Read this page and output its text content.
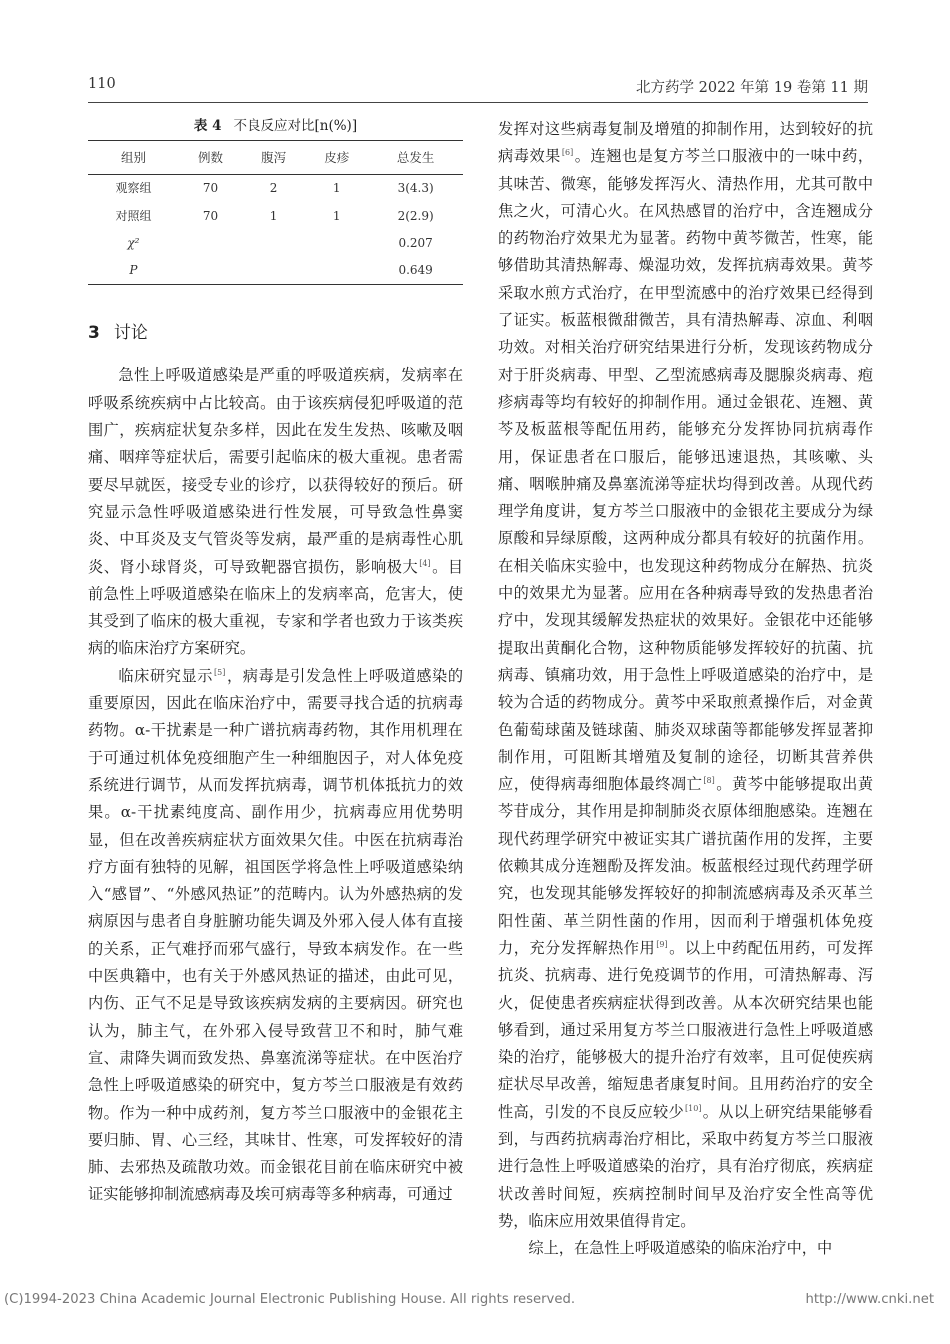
110	北方药学 2022 年第 19 卷第 11 期
表 4 不良反应对比[n(%)]
组别	例数	腹泻	皮疹	总发生
观察组	70	2	1	3(4.3)
对照组	70	1	1	2(2.9)
χ²				0.207
P				0.649
3 讨论

急性上呼吸道感染是严重的呼吸道疾病，发病率在呼吸系统疾病中占比较高。由于该疾病侵犯呼吸道的范围广，疾病症状复杂多样，因此在发生发热、咳嗽及咽痛、咽痒等症状后，需要引起临床的极大重视。患者需要尽早就医，接受专业的诊疗，以获得较好的预后。研究显示急性呼吸道感染进行性发展，可导致急性鼻窦炎、中耳炎及支气管炎等发病，最严重的是病毒性心肌炎、肾小球肾炎，可导致靶器官损伤，影响极大[4]。目前急性上呼吸道感染在临床上的发病率高，危害大，使其受到了临床的极大重视，专家和学者也致力于该类疾病的临床治疗方案研究。

临床研究显示[5]，病毒是引发急性上呼吸道感染的重要原因，因此在临床治疗中，需要寻找合适的抗病毒药物。α-干扰素是一种广谱抗病毒药物，其作用机理在于可通过机体免疫细胞产生一种细胞因子，对人体免疫系统进行调节，从而发挥抗病毒，调节机体抵抗力的效果。α-干扰素纯度高、副作用少，抗病毒应用优势明显，但在改善疾病症状方面效果欠佳。中医在抗病毒治疗方面有独特的见解，祖国医学将急性上呼吸道感染纳入“感冒”、“外感风热证”的范畴内。认为外感热病的发病原因与患者自身脏腑功能失调及外邪入侵人体有直接的关系，正气难抒而邪气盛行，导致本病发作。在一些中医典籍中，也有关于外感风热证的描述，由此可见，内伤、正气不足是导致该疾病发病的主要病因。研究也认为，肺主气，在外邪入侵导致营卫不和时，肺气难宣、肃降失调而致发热、鼻塞流涕等症状。在中医治疗急性上呼吸道感染的研究中，复方芩兰口服液是有效药物。作为一种中成药剂，复方芩兰口服液中的金银花主要归肺、胃、心三经，其味甘、性寒，可发挥较好的清肺、去邪热及疏散功效。而金银花目前在临床研究中被证实能够抑制流感病毒及埃可病毒等多种病毒，可通过

发挥对这些病毒复制及增殖的抑制作用，达到较好的抗病毒效果[6]。连翘也是复方芩兰口服液中的一味中药，其味苦、微寒，能够发挥泻火、清热作用，尤其可散中焦之火，可清心火。在风热感冒的治疗中，含连翘成分的药物治疗效果尤为显著。药物中黄芩微苦，性寒，能够借助其清热解毒、燥湿功效，发挥抗病毒效果。黄芩采取水煎方式治疗，在甲型流感中的治疗效果已经得到了证实。板蓝根微甜微苦，具有清热解毒、凉血、利咽功效。对相关治疗研究结果进行分析，发现该药物成分对于肝炎病毒、甲型、乙型流感病毒及腮腺炎病毒、疱疹病毒等均有较好的抑制作用。通过金银花、连翘、黄芩及板蓝根等配伍用药，能够充分发挥协同抗病毒作用，保证患者在口服后，能够迅速退热，其咳嗽、头痛、咽喉肿痛及鼻塞流涕等症状均得到改善。从现代药理学角度讲，复方芩兰口服液中的金银花主要成分为绿原酸和异绿原酸，这两种成分都具有较好的抗菌作用。在相关临床实验中，也发现这种药物成分在解热、抗炎中的效果尤为显著。应用在各种病毒导致的发热患者治疗中，发现其缓解发热症状的效果好。金银花中还能够提取出黄酮化合物，这种物质能够发挥较好的抗菌、抗病毒、镇痛功效，用于急性上呼吸道感染的治疗中，是较为合适的药物成分。黄芩中采取煎煮操作后，对金黄色葡萄球菌及链球菌、肺炎双球菌等都能够发挥显著抑制作用，可阻断其增殖及复制的途径，切断其营养供应，使得病毒细胞体最终凋亡[8]。黄芩中能够提取出黄芩苷成分，其作用是抑制肺炎衣原体细胞感染。连翘在现代药理学研究中被证实其广谱抗菌作用的发挥，主要依赖其成分连翘酚及挥发油。板蓝根经过现代药理学研究，也发现其能够发挥较好的抑制流感病毒及杀灭革兰阳性菌、革兰阴性菌的作用，因而利于增强机体免疫力，充分发挥解热作用[9]。以上中药配伍用药，可发挥抗炎、抗病毒、进行免疫调节的作用，可清热解毒、泻火，促使患者疾病症状得到改善。从本次研究结果也能够看到，通过采用复方芩兰口服液进行急性上呼吸道感染的治疗，能够极大的提升治疗有效率，且可促使疾病症状尽早改善，缩短患者康复时间。且用药治疗的安全性高，引发的不良反应较少[10]。从以上研究结果能够看到，与西药抗病毒治疗相比，采取中药复方芩兰口服液进行急性上呼吸道感染的治疗，具有治疗彻底，疾病症状改善时间短，疾病控制时间早及治疗安全性高等优势，临床应用效果值得肯定。

综上，在急性上呼吸道感染的临床治疗中，中

(C)1994-2023 China Academic Journal Electronic Publishing House. All rights reserved.	http://www.cnki.net
